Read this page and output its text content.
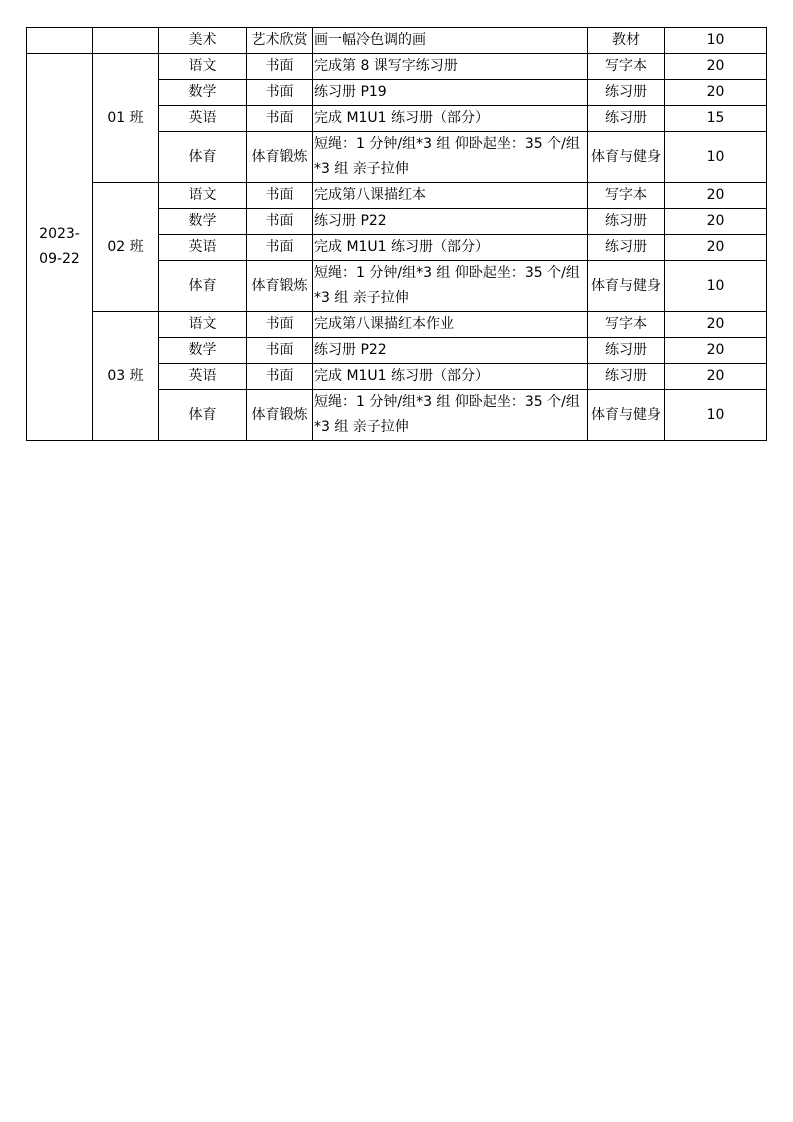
		美术	艺术欣赏	画一幅冷色调的画	教材	10
2023-09-22	01 班	语文	书面	完成第 8 课写字练习册	写字本	20
		数学	书面	练习册 P19	练习册	20
		英语	书面	完成 M1U1 练习册（部分）	练习册	15
		体育	体育锻炼	短绳：1 分钟/组*3 组 仰卧起坐：35 个/组*3 组 亲子拉伸	体育与健身	10
	02 班	语文	书面	完成第八课描红本	写字本	20
		数学	书面	练习册 P22	练习册	20
		英语	书面	完成 M1U1 练习册（部分）	练习册	20
		体育	体育锻炼	短绳：1 分钟/组*3 组 仰卧起坐：35 个/组*3 组 亲子拉伸	体育与健身	10
	03 班	语文	书面	完成第八课描红本作业	写字本	20
		数学	书面	练习册 P22	练习册	20
		英语	书面	完成 M1U1 练习册（部分）	练习册	20
		体育	体育锻炼	短绳：1 分钟/组*3 组 仰卧起坐：35 个/组*3 组 亲子拉伸	体育与健身	10
